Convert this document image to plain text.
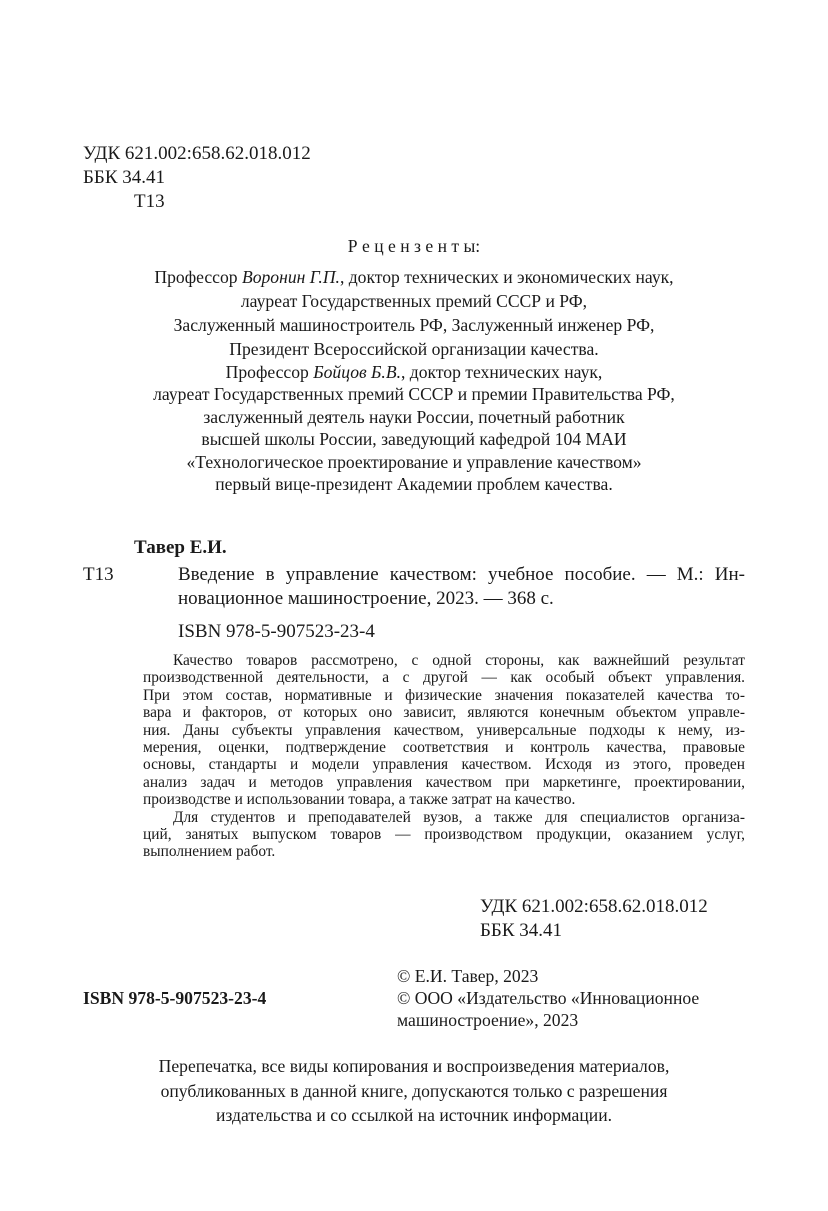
УДК 621.002:658.62.018.012
ББК 34.41
Т13
Р е ц е н з е н т ы:
Профессор Воронин Г.П., доктор технических и экономических наук,
лауреат Государственных премий СССР и РФ,
Заслуженный машиностроитель РФ, Заслуженный инженер РФ,
Президент Всероссийской организации качества.
Профессор Бойцов Б.В., доктор технических наук,
лауреат Государственных премий СССР и премии Правительства РФ,
заслуженный деятель науки России, почетный работник
высшей школы России, заведующий кафедрой 104 МАИ
«Технологическое проектирование и управление качеством»
первый вице-президент Академии проблем качества.
Тавер Е.И.
Т13	Введение в управление качеством: учебное пособие. — М.: Ин-
новационное машиностроение, 2023. — 368 с.
ISBN 978-5-907523-23-4
Качество товаров рассмотрено, с одной стороны, как важнейший результат
производственной деятельности, а с другой — как особый объект управления.
При этом состав, нормативные и физические значения показателей качества то-
вара и факторов, от которых оно зависит, являются конечным объектом управле-
ния. Даны субъекты управления качеством, универсальные подходы к нему, из-
мерения, оценки, подтверждение соответствия и контроль качества, правовые
основы, стандарты и модели управления качеством. Исходя из этого, проведен
анализ задач и методов управления качеством при маркетинге, проектировании,
производстве и использовании товара, а также затрат на качество.
Для студентов и преподавателей вузов, а также для специалистов организа-
ций, занятых выпуском товаров — производством продукции, оказанием услуг,
выполнением работ.
УДК 621.002:658.62.018.012
ББК 34.41
ISBN 978-5-907523-23-4
© Е.И. Тавер, 2023
© ООО «Издательство «Инновационное
машиностроение», 2023
Перепечатка, все виды копирования и воспроизведения материалов,
опубликованных в данной книге, допускаются только с разрешения
издательства и со ссылкой на источник информации.
